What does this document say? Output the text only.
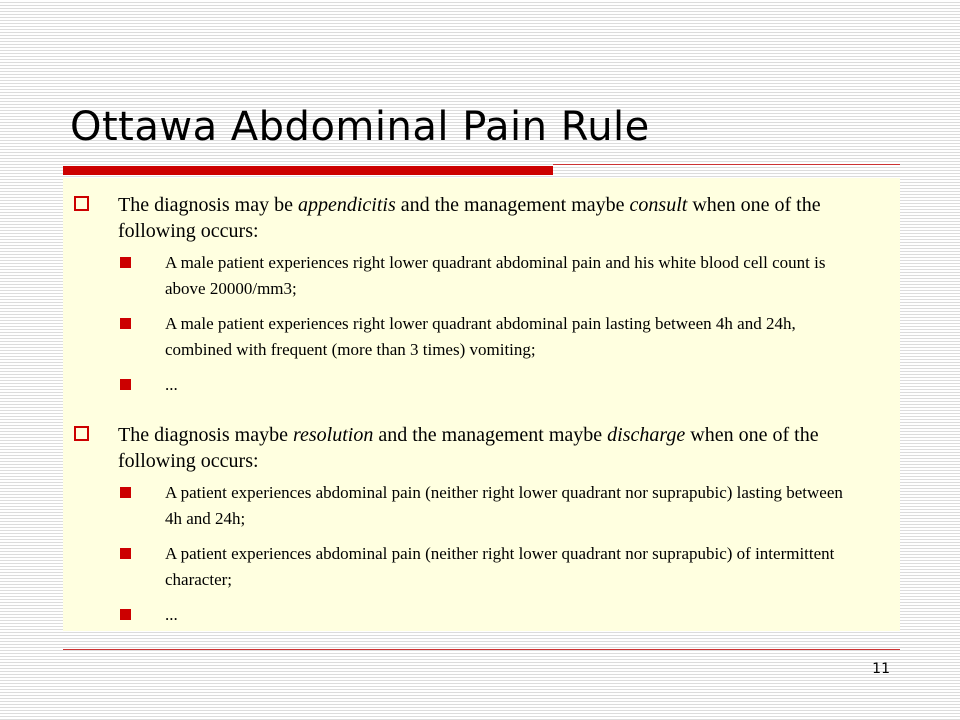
Ottawa Abdominal Pain Rule
The diagnosis may be appendicitis and the management maybe consult when one of the following occurs:
A male patient experiences right lower quadrant abdominal pain and his white blood cell count is above 20000/mm3;
A male patient experiences right lower quadrant abdominal pain lasting between 4h and 24h, combined with frequent (more than 3 times) vomiting;
...
The diagnosis maybe resolution and the management maybe discharge when one of the following occurs:
A patient experiences abdominal pain (neither right lower quadrant nor suprapubic) lasting between 4h and 24h;
A patient experiences abdominal pain (neither right lower quadrant nor suprapubic) of intermittent character;
...
11
